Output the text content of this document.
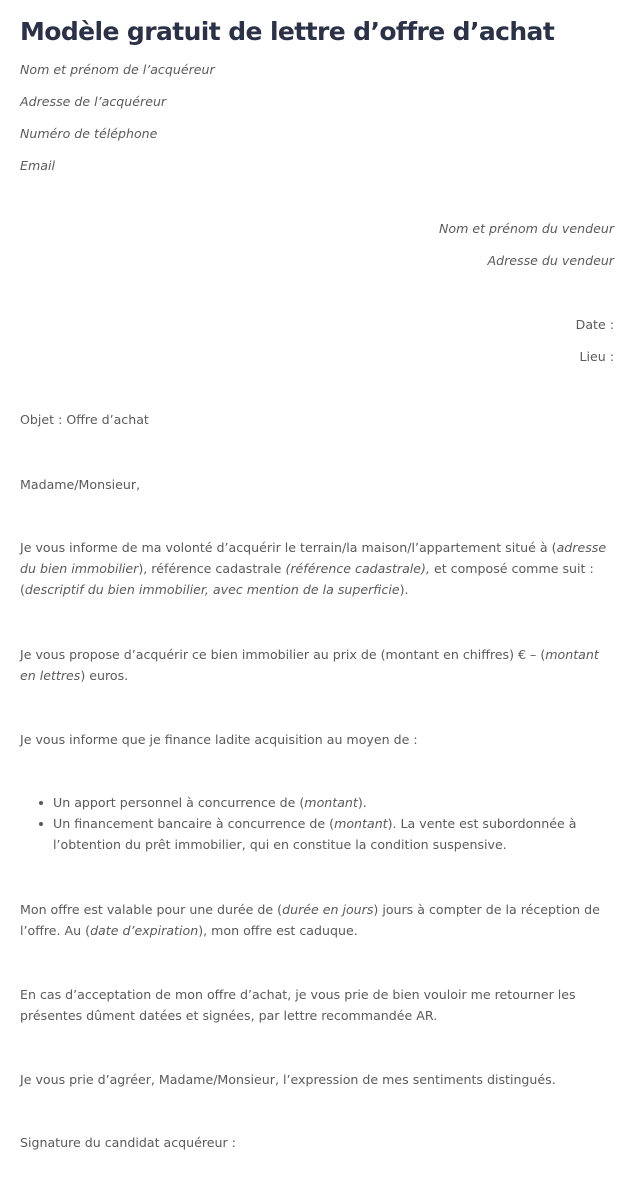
Modèle gratuit de lettre d’offre d’achat

Nom et prénom de l’acquéreur

Adresse de l’acquéreur

Numéro de téléphone

Email

Nom et prénom du vendeur

Adresse du vendeur

Date :

Lieu :

Objet : Offre d’achat

Madame/Monsieur,

Je vous informe de ma volonté d’acquérir le terrain/la maison/l’appartement situé à (adresse du bien immobilier), référence cadastrale (référence cadastrale), et composé comme suit : (descriptif du bien immobilier, avec mention de la superficie).

Je vous propose d’acquérir ce bien immobilier au prix de (montant en chiffres) € – (montant en lettres) euros.

Je vous informe que je finance ladite acquisition au moyen de :

Un apport personnel à concurrence de (montant).
Un financement bancaire à concurrence de (montant). La vente est subordonnée à l’obtention du prêt immobilier, qui en constitue la condition suspensive.

Mon offre est valable pour une durée de (durée en jours) jours à compter de la réception de l’offre. Au (date d’expiration), mon offre est caduque.

En cas d’acceptation de mon offre d’achat, je vous prie de bien vouloir me retourner les présentes dûment datées et signées, par lettre recommandée AR.

Je vous prie d’agréer, Madame/Monsieur, l’expression de mes sentiments distingués.

Signature du candidat acquéreur :
